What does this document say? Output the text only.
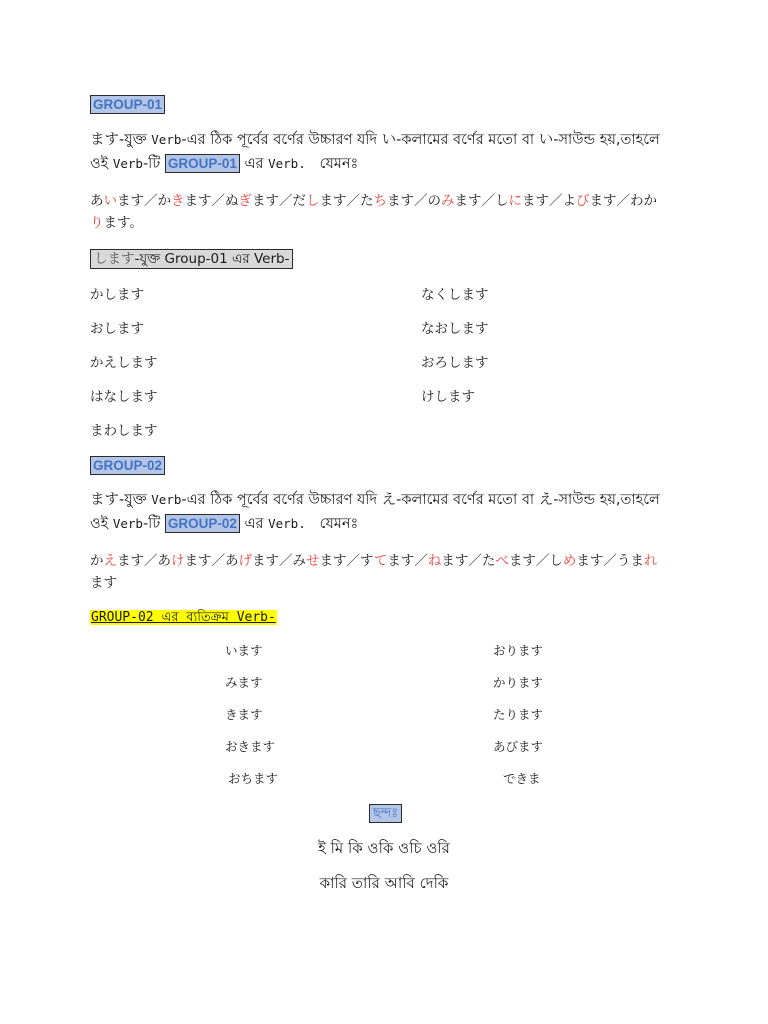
GROUP-01
ます-যুক্ত Verb-এর ঠিক পূর্বের বর্ণের উচ্চারণ যদি い-কলামের বর্ণের মতো বা い-সাউন্ড হয়,তাহলে
ওই Verb-টি GROUP-01 এর Verb. যেমনঃ
あいます／かきます／ぬぎます／だします／たちます／のみます／しにます／よびます／わか
ります。
します-যুক্ত Group-01 এর Verb-
かします
おします
かえします
はなします
まわします
なくします
なおします
おろします
けします
GROUP-02
ます-যুক্ত Verb-এর ঠিক পূর্বের বর্ণের উচ্চারণ যদি え-কলামের বর্ণের মতো বা え-সাউন্ড হয়,তাহলে
ওই Verb-টি GROUP-02 এর Verb. যেমনঃ
かえます／あけます／あげます／みせます／すてます／ねます／たべます／しめます／うまれ
ます
GROUP-02 এর ব্যতিক্রম Verb-
います
みます
きます
おきます
おちます
おります
かります
たります
あびます
できま
ছন্দঃ
ই মি কি ওকি ওচি ওরি
কারি তারি আবি দেকি
